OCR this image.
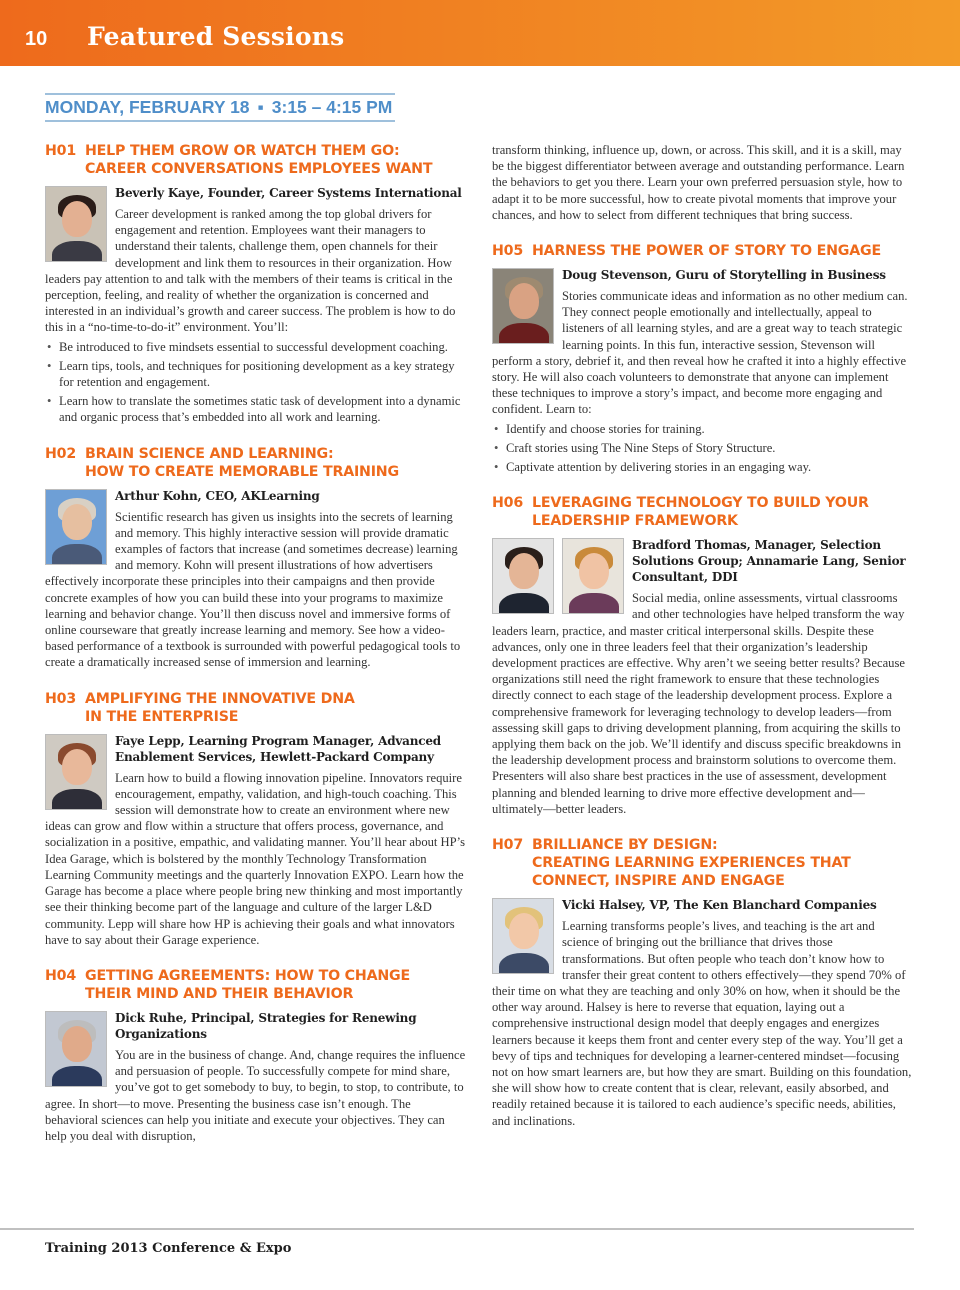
10 Featured Sessions
MONDAY, FEBRUARY 18 ▪ 3:15 – 4:15 PM
H01 HELP THEM GROW OR WATCH THEM GO:
CAREER CONVERSATIONS EMPLOYEES WANT
Beverly Kaye, Founder, Career Systems International
Career development is ranked among the top global drivers for engagement and retention. Employees want their managers to understand their talents, challenge them, open channels for their development and link them to resources in their organization. How leaders pay attention to and talk with the members of their teams is critical in the perception, feeling, and reality of whether the organization is concerned and interested in an individual’s growth and career success. The problem is how to do this in a “no-time-to-do-it” environment. You’ll:
• Be introduced to five mindsets essential to successful development coaching.
• Learn tips, tools, and techniques for positioning development as a key strategy for retention and engagement.
• Learn how to translate the sometimes static task of development into a dynamic and organic process that’s embedded into all work and learning.
H02 BRAIN SCIENCE AND LEARNING:
HOW TO CREATE MEMORABLE TRAINING
Arthur Kohn, CEO, AKLearning
Scientific research has given us insights into the secrets of learning and memory. This highly interactive session will provide dramatic examples of factors that increase (and sometimes decrease) learning and memory. Kohn will present illustrations of how advertisers effectively incorporate these principles into their campaigns and then provide concrete examples of how you can build these into your programs to maximize learning and behavior change. You’ll then discuss novel and immersive forms of online courseware that greatly increase learning and memory. See how a video-based performance of a textbook is surrounded with powerful pedagogical tools to create a dramatically increased sense of immersion and learning.
H03 AMPLIFYING THE INNOVATIVE DNA
IN THE ENTERPRISE
Faye Lepp, Learning Program Manager, Advanced Enablement Services, Hewlett-Packard Company
Learn how to build a flowing innovation pipeline. Innovators require encouragement, empathy, validation, and high-touch coaching. This session will demonstrate how to create an environment where new ideas can grow and flow within a structure that offers process, governance, and socialization in a positive, empathic, and validating manner. You’ll hear about HP’s Idea Garage, which is bolstered by the monthly Technology Transformation Learning Community meetings and the quarterly Innovation EXPO. Learn how the Garage has become a place where people bring new thinking and most importantly see their thinking become part of the language and culture of the larger L&D community. Lepp will share how HP is achieving their goals and what innovators have to say about their Garage experience.
H04 GETTING AGREEMENTS: HOW TO CHANGE
THEIR MIND AND THEIR BEHAVIOR
Dick Ruhe, Principal, Strategies for Renewing Organizations
You are in the business of change. And, change requires the influence and persuasion of people. To successfully compete for mind share, you’ve got to get somebody to buy, to begin, to stop, to contribute, to agree. In short—to move. Presenting the business case isn’t enough. The behavioral sciences can help you initiate and execute your objectives. They can help you deal with disruption,
transform thinking, influence up, down, or across. This skill, and it is a skill, may be the biggest differentiator between average and outstanding performance. Learn the behaviors to get you there. Learn your own preferred persuasion style, how to adapt it to be more successful, how to create pivotal moments that improve your chances, and how to select from different techniques that bring success.
H05 HARNESS THE POWER OF STORY TO ENGAGE
Doug Stevenson, Guru of Storytelling in Business
Stories communicate ideas and information as no other medium can. They connect people emotionally and intellectually, appeal to listeners of all learning styles, and are a great way to teach strategic learning points. In this fun, interactive session, Stevenson will perform a story, debrief it, and then reveal how he crafted it into a highly effective story. He will also coach volunteers to demonstrate that anyone can implement these techniques to improve a story’s impact, and become more engaging and confident. Learn to:
• Identify and choose stories for training.
• Craft stories using The Nine Steps of Story Structure.
• Captivate attention by delivering stories in an engaging way.
H06 LEVERAGING TECHNOLOGY TO BUILD YOUR
LEADERSHIP FRAMEWORK
Bradford Thomas, Manager, Selection Solutions Group; Annamarie Lang, Senior Consultant, DDI
Social media, online assessments, virtual classrooms and other technologies have helped transform the way leaders learn, practice, and master critical interpersonal skills. Despite these advances, only one in three leaders feel that their organization’s leadership development practices are effective. Why aren’t we seeing better results? Because organizations still need the right framework to ensure that these technologies directly connect to each stage of the leadership development process. Explore a comprehensive framework for leveraging technology to develop leaders—from assessing skill gaps to driving development planning, from acquiring the skills to applying them back on the job. We’ll identify and discuss specific breakdowns in the leadership development process and brainstorm solutions to overcome them. Presenters will also share best practices in the use of assessment, development planning and blended learning to drive more effective development and—ultimately—better leaders.
H07 BRILLIANCE BY DESIGN:
CREATING LEARNING EXPERIENCES THAT
CONNECT, INSPIRE AND ENGAGE
Vicki Halsey, VP, The Ken Blanchard Companies
Learning transforms people’s lives, and teaching is the art and science of bringing out the brilliance that drives those transformations. But often people who teach don’t know how to transfer their great content to others effectively—they spend 70% of their time on what they are teaching and only 30% on how, when it should be the other way around. Halsey is here to reverse that equation, laying out a comprehensive instructional design model that deeply engages and energizes learners because it keeps them front and center every step of the way. You’ll get a bevy of tips and techniques for developing a learner-centered mindset—focusing not on how smart learners are, but how they are smart. Building on this foundation, she will show how to create content that is clear, relevant, easily absorbed, and readily retained because it is tailored to each audience’s specific needs, abilities, and inclinations.
Training 2013 Conference & Expo
